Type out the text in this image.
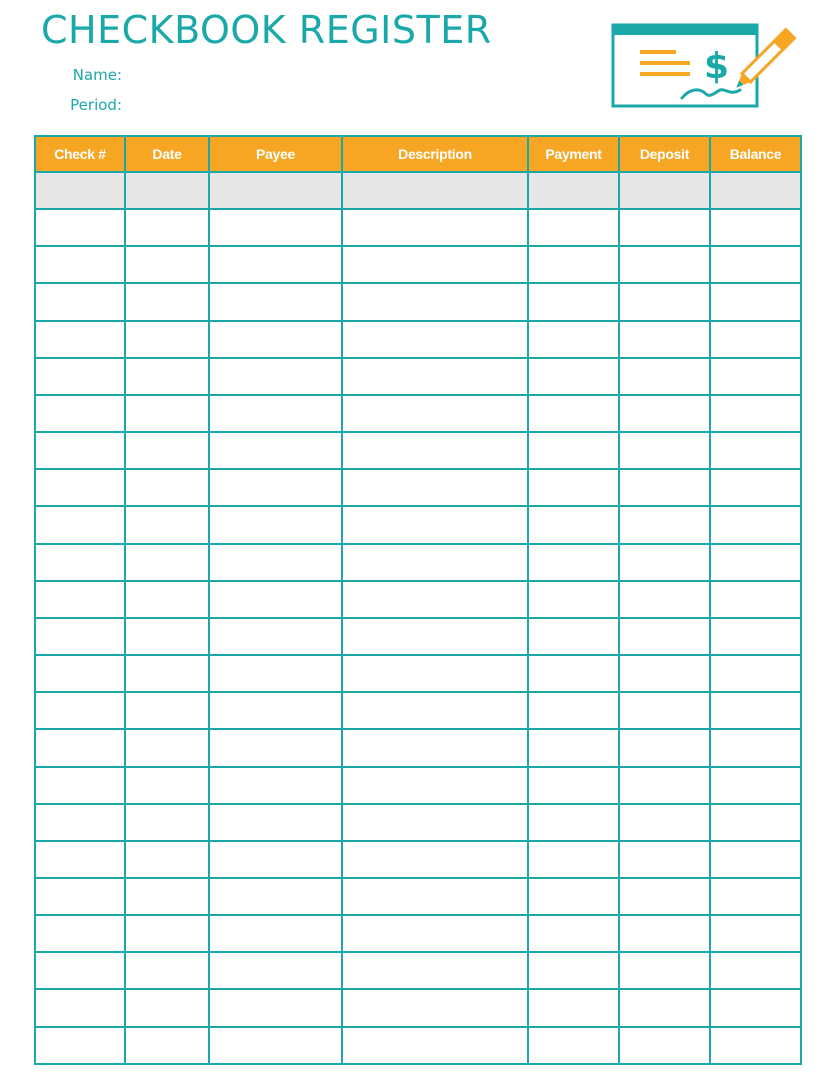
CHECKBOOK REGISTER
Name:
Period:
$
Check #	Date	Payee	Description	Payment	Deposit	Balance
